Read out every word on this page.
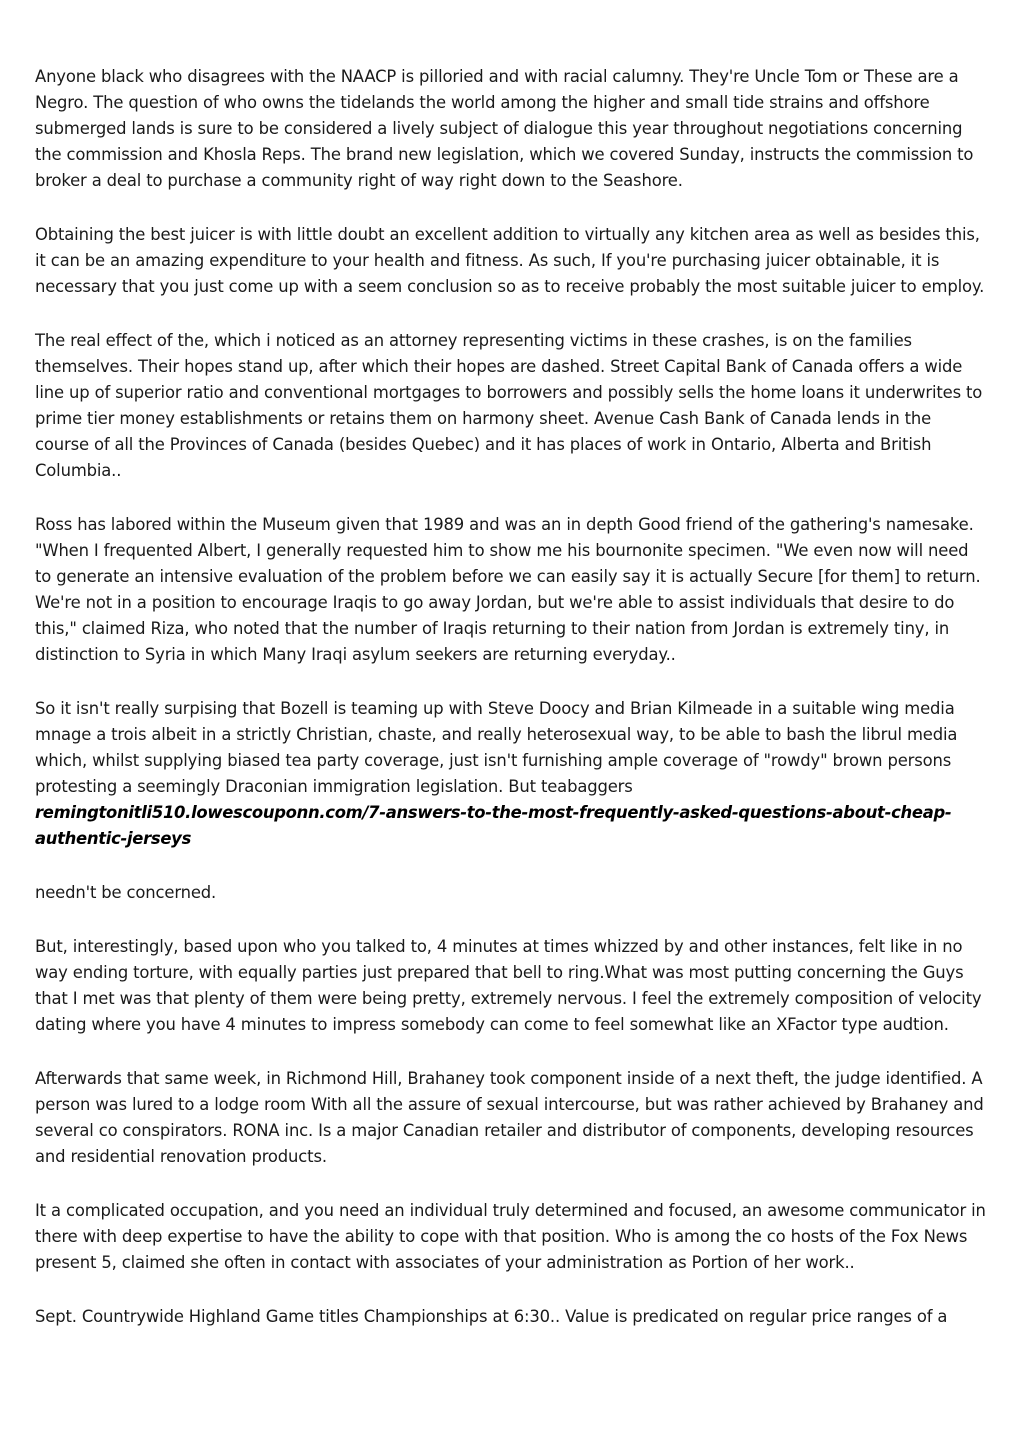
Anyone black who disagrees with the NAACP is pilloried and with racial calumny. They're Uncle Tom or These are a Negro. The question of who owns the tidelands the world among the higher and small tide strains and offshore submerged lands is sure to be considered a lively subject of dialogue this year throughout negotiations concerning the commission and Khosla Reps. The brand new legislation, which we covered Sunday, instructs the commission to broker a deal to purchase a community right of way right down to the Seashore.

Obtaining the best juicer is with little doubt an excellent addition to virtually any kitchen area as well as besides this, it can be an amazing expenditure to your health and fitness. As such, If you're purchasing juicer obtainable, it is necessary that you just come up with a seem conclusion so as to receive probably the most suitable juicer to employ.

The real effect of the, which i noticed as an attorney representing victims in these crashes, is on the families themselves. Their hopes stand up, after which their hopes are dashed. Street Capital Bank of Canada offers a wide line up of superior ratio and conventional mortgages to borrowers and possibly sells the home loans it underwrites to prime tier money establishments or retains them on harmony sheet. Avenue Cash Bank of Canada lends in the course of all the Provinces of Canada (besides Quebec) and it has places of work in Ontario, Alberta and British Columbia..

Ross has labored within the Museum given that 1989 and was an in depth Good friend of the gathering's namesake. "When I frequented Albert, I generally requested him to show me his bournonite specimen. "We even now will need to generate an intensive evaluation of the problem before we can easily say it is actually Secure [for them] to return. We're not in a position to encourage Iraqis to go away Jordan, but we're able to assist individuals that desire to do this," claimed Riza, who noted that the number of Iraqis returning to their nation from Jordan is extremely tiny, in distinction to Syria in which Many Iraqi asylum seekers are returning everyday..

So it isn't really surpising that Bozell is teaming up with Steve Doocy and Brian Kilmeade in a suitable wing media mnage a trois albeit in a strictly Christian, chaste, and really heterosexual way, to be able to bash the librul media which, whilst supplying biased tea party coverage, just isn't furnishing ample coverage of "rowdy" brown persons protesting a seemingly Draconian immigration legislation. But teabaggers
remingtonitli510.lowescouponn.com/7-answers-to-the-most-frequently-asked-questions-about-cheap-authentic-jerseys

needn't be concerned.

But, interestingly, based upon who you talked to, 4 minutes at times whizzed by and other instances, felt like in no way ending torture, with equally parties just prepared that bell to ring.What was most putting concerning the Guys that I met was that plenty of them were being pretty, extremely nervous. I feel the extremely composition of velocity dating where you have 4 minutes to impress somebody can come to feel somewhat like an XFactor type audtion.

Afterwards that same week, in Richmond Hill, Brahaney took component inside of a next theft, the judge identified. A person was lured to a lodge room With all the assure of sexual intercourse, but was rather achieved by Brahaney and several co conspirators. RONA inc. Is a major Canadian retailer and distributor of components, developing resources and residential renovation products.

It a complicated occupation, and you need an individual truly determined and focused, an awesome communicator in there with deep expertise to have the ability to cope with that position. Who is among the co hosts of the Fox News present 5, claimed she often in contact with associates of your administration as Portion of her work..

Sept. Countrywide Highland Game titles Championships at 6:30.. Value is predicated on regular price ranges of a
